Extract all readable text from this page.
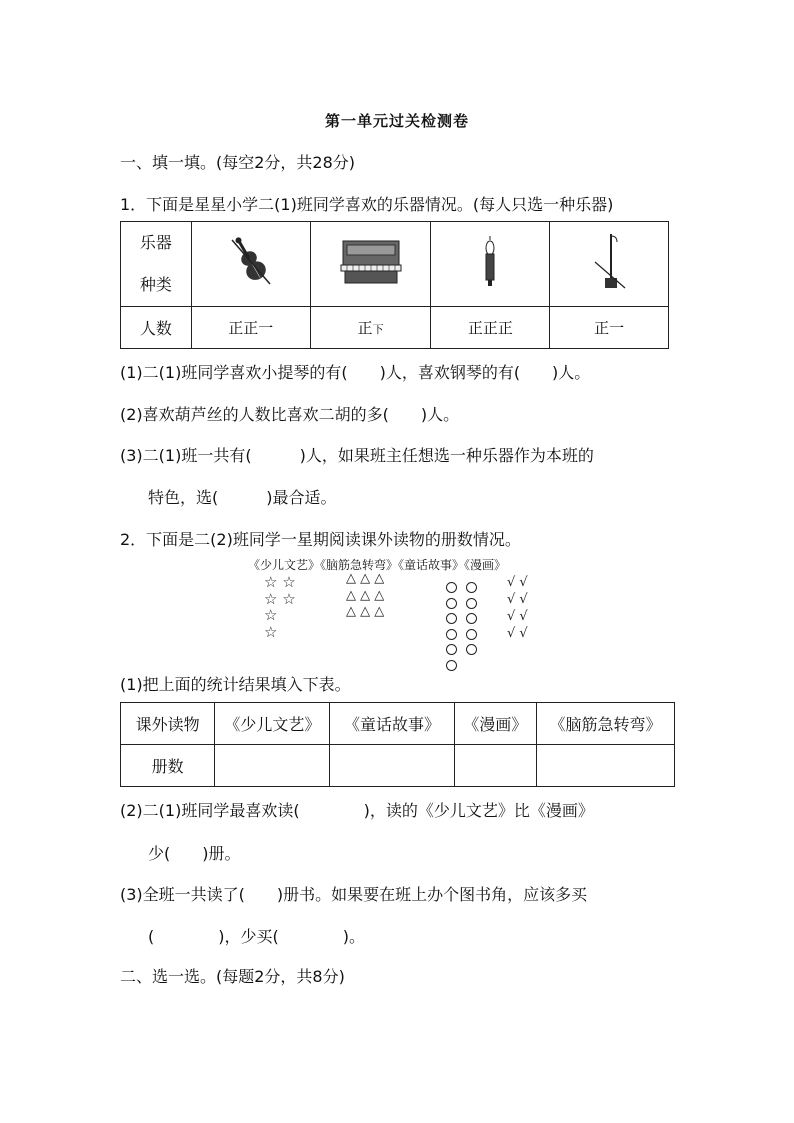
第一单元过关检测卷
一、填一填。(每空2分，共28分)
1．下面是星星小学二(1)班同学喜欢的乐器情况。(每人只选一种乐器)
乐器
种类

人数	正正一	正下	正正正	正一
(1)二(1)班同学喜欢小提琴的有(　　)人，喜欢钢琴的有(　　)人。
(2)喜欢葫芦丝的人数比喜欢二胡的多(　　)人。
(3)二(1)班一共有(　　　)人，如果班主任想选一种乐器作为本班的
特色，选(　　　)最合适。
2．下面是二(2)班同学一星期阅读课外读物的册数情况。
《少儿文艺》《脑筋急转弯》《童话故事》《漫画》
☆ ☆
☆ ☆
☆
☆
△ △ △
△ △ △
△ △ △
√ √
√ √
√ √
√ √
(1)把上面的统计结果填入下表。
课外读物	《少儿文艺》	《童话故事》	《漫画》	《脑筋急转弯》
册数				
(2)二(1)班同学最喜欢读(　　　　)，读的《少儿文艺》比《漫画》
少(　　)册。
(3)全班一共读了(　　)册书。如果要在班上办个图书角，应该多买
(　　　　)，少买(　　　　)。
二、选一选。(每题2分，共8分)
